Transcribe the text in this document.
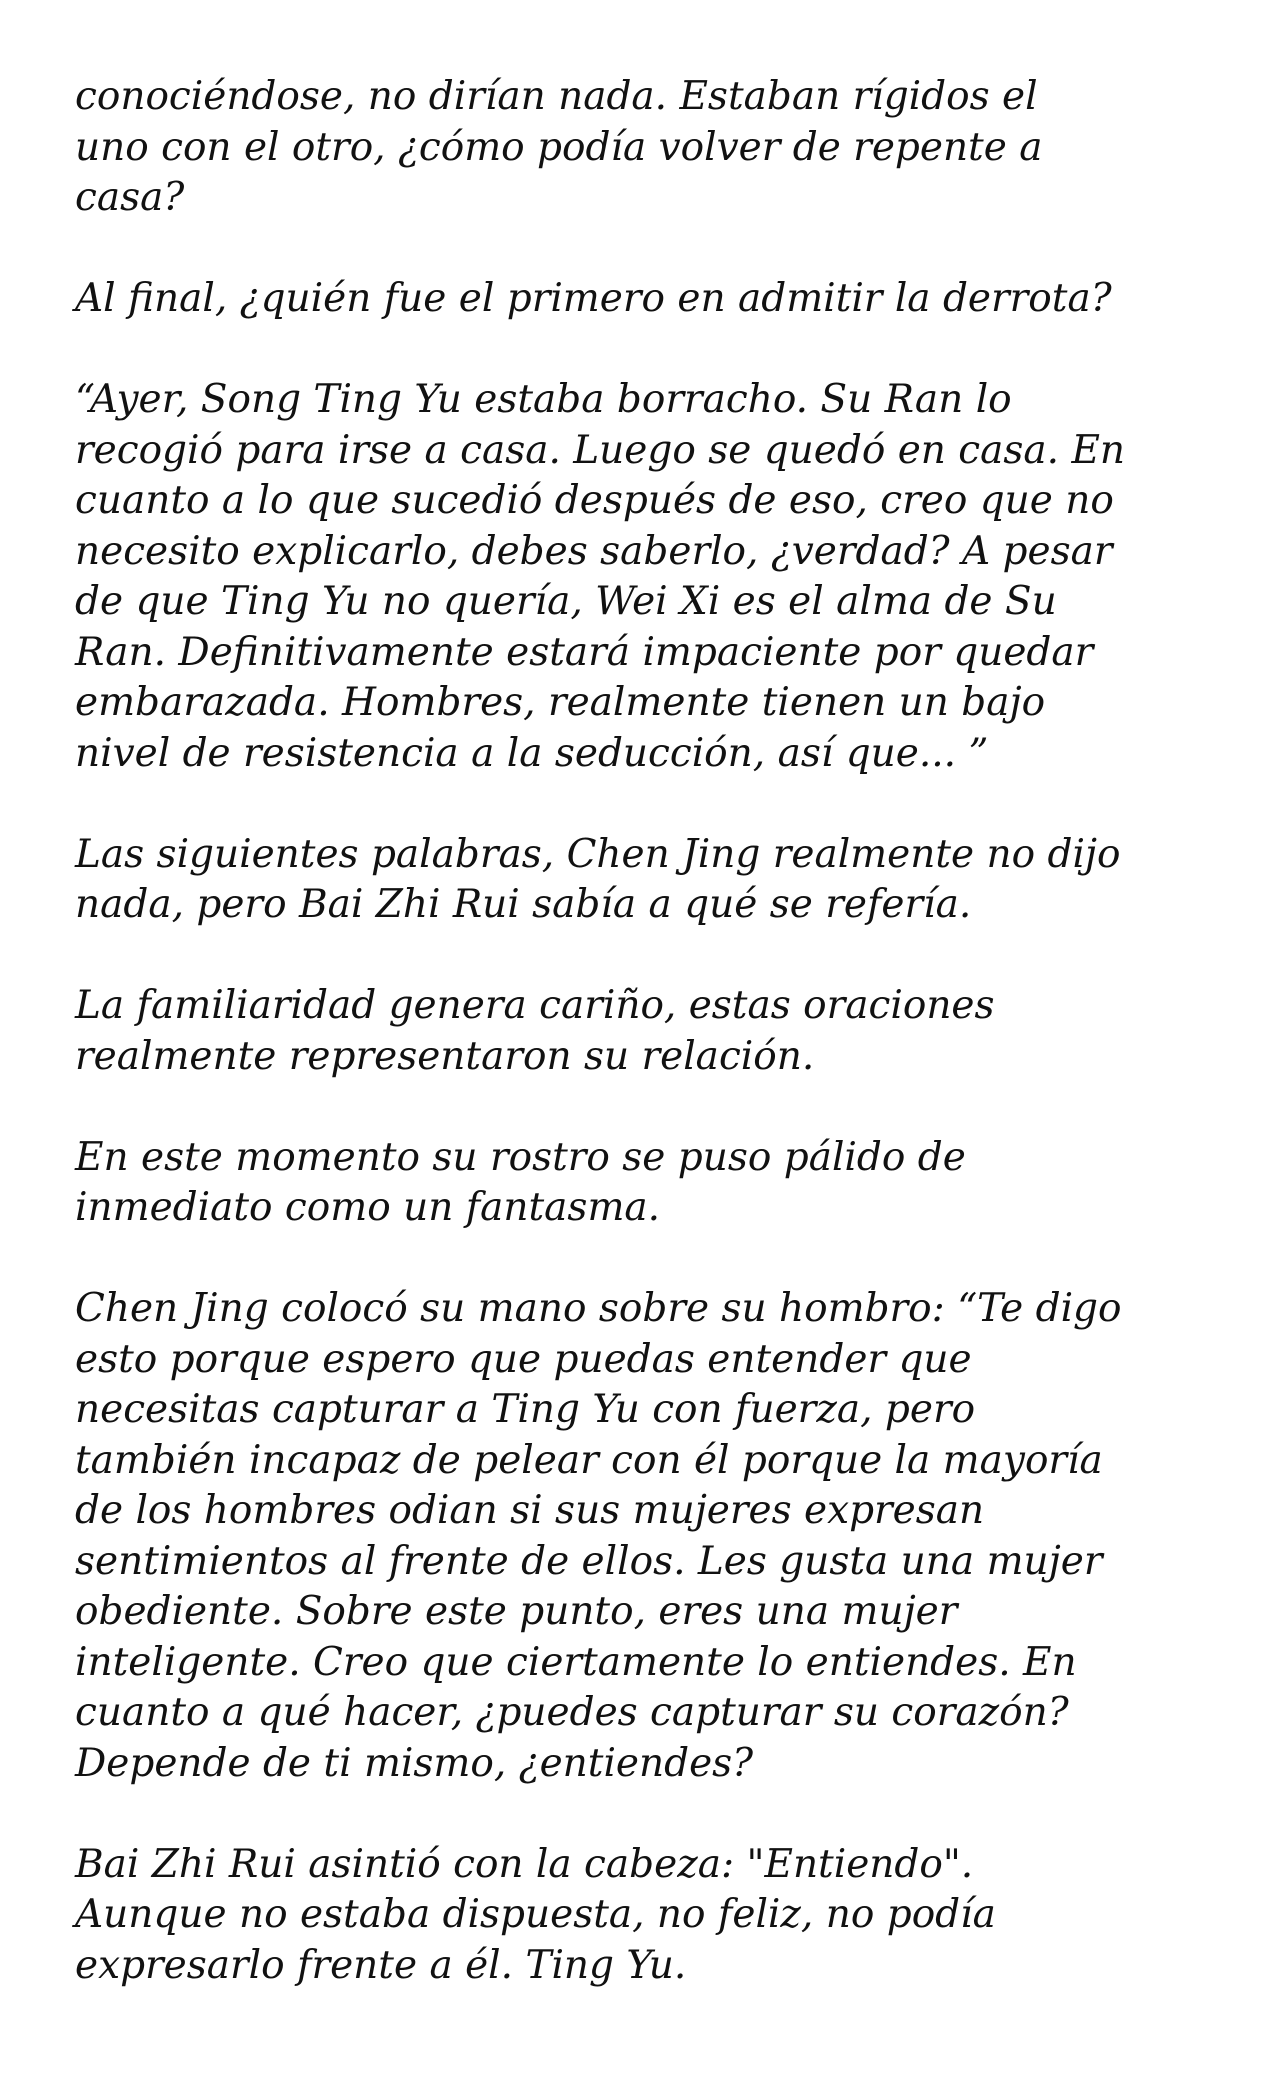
conociéndose, no dirían nada. Estaban rígidos el
uno con el otro, ¿cómo podía volver de repente a
casa?

Al final, ¿quién fue el primero en admitir la derrota?

“Ayer, Song Ting Yu estaba borracho. Su Ran lo
recogió para irse a casa. Luego se quedó en casa. En
cuanto a lo que sucedió después de eso, creo que no
necesito explicarlo, debes saberlo, ¿verdad? A pesar
de que Ting Yu no quería, Wei Xi es el alma de Su
Ran. Definitivamente estará impaciente por quedar
embarazada. Hombres, realmente tienen un bajo
nivel de resistencia a la seducción, así que... ”

Las siguientes palabras, Chen Jing realmente no dijo
nada, pero Bai Zhi Rui sabía a qué se refería.

La familiaridad genera cariño, estas oraciones
realmente representaron su relación.

En este momento su rostro se puso pálido de
inmediato como un fantasma.

Chen Jing colocó su mano sobre su hombro: “Te digo
esto porque espero que puedas entender que
necesitas capturar a Ting Yu con fuerza, pero
también incapaz de pelear con él porque la mayoría
de los hombres odian si sus mujeres expresan
sentimientos al frente de ellos. Les gusta una mujer
obediente. Sobre este punto, eres una mujer
inteligente. Creo que ciertamente lo entiendes. En
cuanto a qué hacer, ¿puedes capturar su corazón?
Depende de ti mismo, ¿entiendes?

Bai Zhi Rui asintió con la cabeza: "Entiendo".
Aunque no estaba dispuesta, no feliz, no podía
expresarlo frente a él. Ting Yu.
